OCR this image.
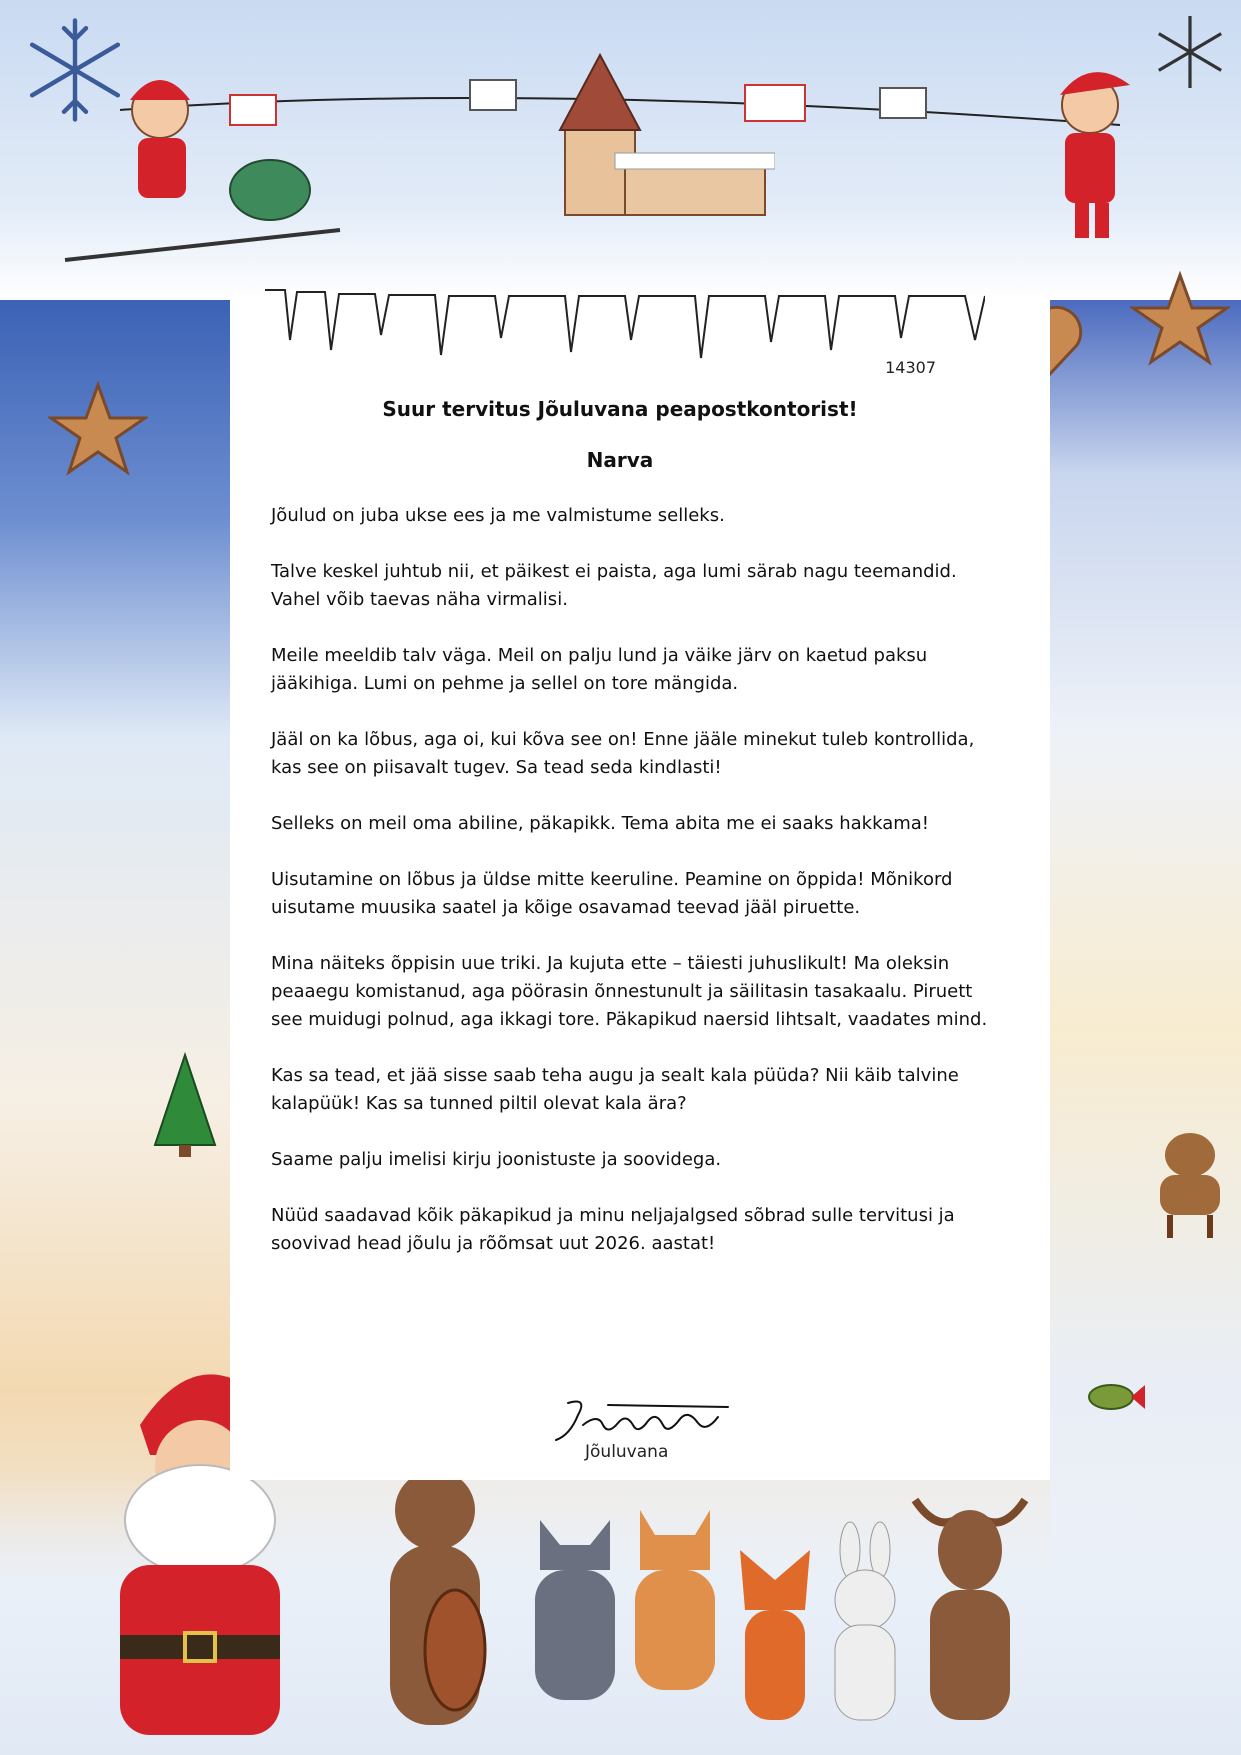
14307
Suur tervitus Jõuluvana peapostkontorist!
Narva

Jõulud on juba ukse ees ja me valmistume selleks.

Talve keskel juhtub nii, et päikest ei paista, aga lumi särab nagu teemandid. Vahel võib taevas näha virmalisi.

Meile meeldib talv väga. Meil on palju lund ja väike järv on kaetud paksu jääkihiga. Lumi on pehme ja sellel on tore mängida.

Jääl on ka lõbus, aga oi, kui kõva see on! Enne jääle minekut tuleb kontrollida, kas see on piisavalt tugev. Sa tead seda kindlasti!

Selleks on meil oma abiline, päkapikk. Tema abita me ei saaks hakkama!

Uisutamine on lõbus ja üldse mitte keeruline. Peamine on õppida! Mõnikord uisutame muusika saatel ja kõige osavamad teevad jääl piruette.

Mina näiteks õppisin uue triki. Ja kujuta ette – täiesti juhuslikult! Ma oleksin peaaegu komistanud, aga pöörasin õnnestunult ja säilitasin tasakaalu. Piruett see muidugi polnud, aga ikkagi tore. Päkapikud naersid lihtsalt, vaadates mind.

Kas sa tead, et jää sisse saab teha augu ja sealt kala püüda? Nii käib talvine kalapüük! Kas sa tunned piltil olevat kala ära?

Saame palju imelisi kirju joonistuste ja soovidega.

Nüüd saadavad kõik päkapikud ja minu neljajalgsed sõbrad sulle tervitusi ja soovivad head jõulu ja rõõmsat uut 2026. aastat!

Jõuluvana
